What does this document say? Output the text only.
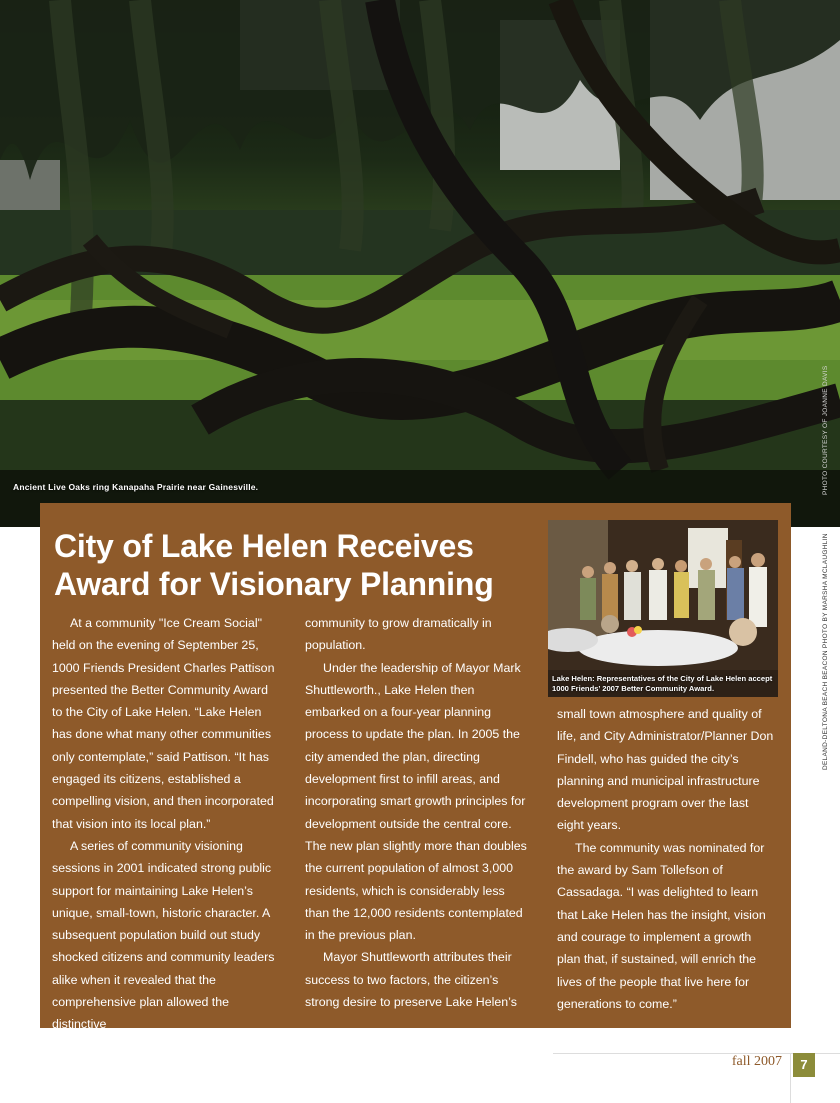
Ancient Live Oaks ring Kanapaha Prairie near Gainesville.	PHOTO COURTESY OF JOANNE DAVIS
City of Lake Helen Receives Award for Visionary Planning

At a community "Ice Cream Social" held on the evening of September 25, 1000 Friends President Charles Pattison presented the Better Community Award to the City of Lake Helen. “Lake Helen has done what many other communities only contemplate,” said Pattison. “It has engaged its citizens, established a compelling vision, and then incorporated that vision into its local plan.”

A series of community visioning sessions in 2001 indicated strong public support for maintaining Lake Helen’s unique, small-town, historic character. A subsequent population build out study shocked citizens and community leaders alike when it revealed that the comprehensive plan allowed the distinctive

community to grow dramatically in population.

Under the leadership of Mayor Mark Shuttleworth., Lake Helen then embarked on a four-year planning process to update the plan. In 2005 the city amended the plan, directing development first to infill areas, and incorporating smart growth principles for development outside the central core. The new plan slightly more than doubles the current population of almost 3,000 residents, which is considerably less than the 12,000 residents contemplated in the previous plan.

Mayor Shuttleworth attributes their success to two factors, the citizen’s strong desire to preserve Lake Helen’s

small town atmosphere and quality of life, and City Administrator/Planner Don Findell, who has guided the city’s planning and municipal infrastructure development program over the last eight years.

The community was nominated for the award by Sam Tollefson of Cassadaga. “I was delighted to learn that Lake Helen has the insight, vision and courage to implement a growth plan that, if sustained, will enrich the lives of the people that live here for generations to come.”

Lake Helen: Representatives of the City of Lake Helen accept 1000 Friends’ 2007 Better Community Award.	DELAND-DELTONA BEACH BEACON PHOTO BY MARSHA MCLAUGHLIN
fall 2007	7
